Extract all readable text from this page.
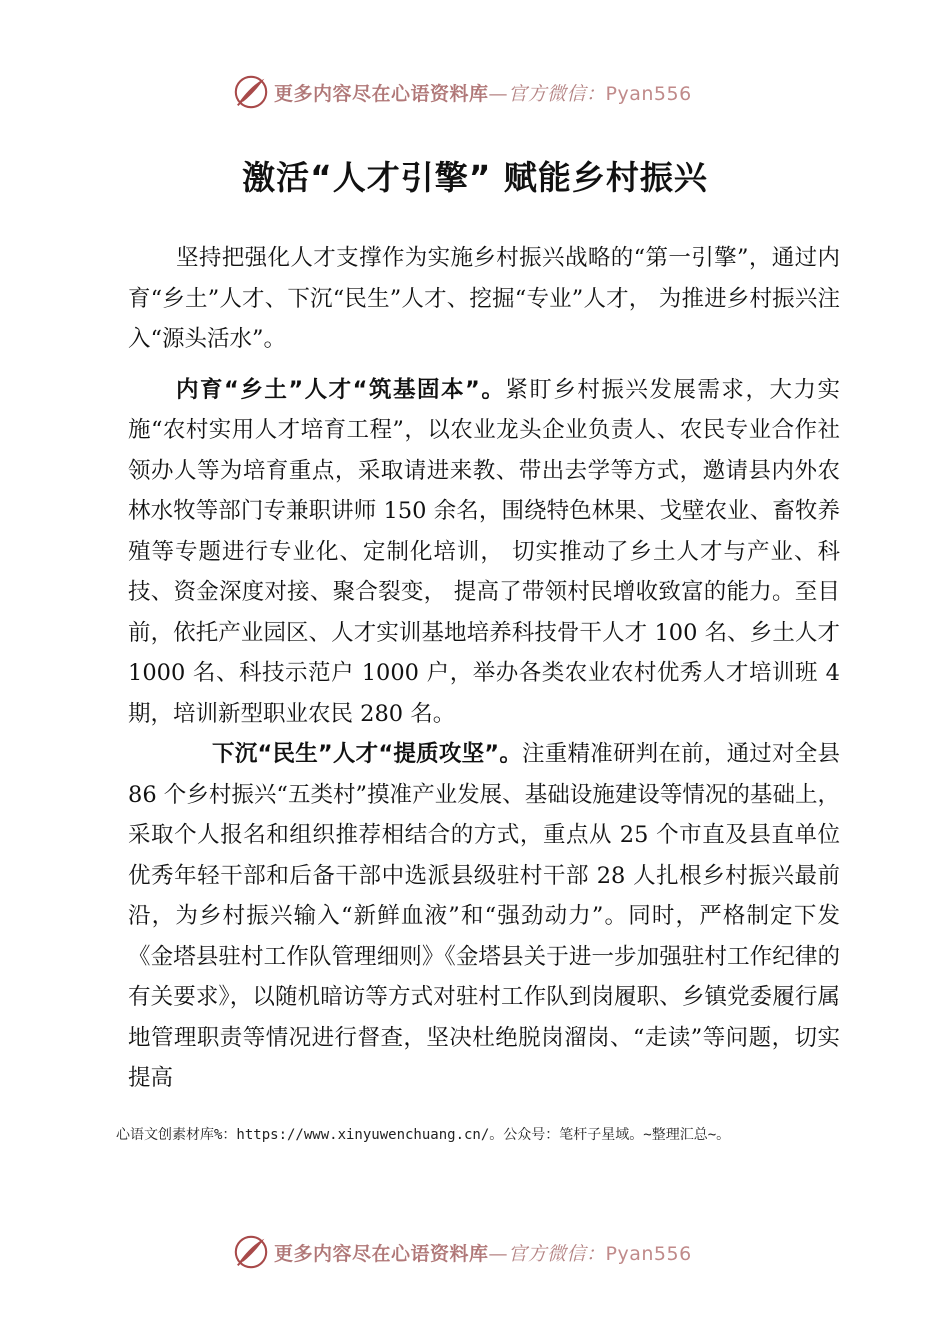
更多内容尽在心语资料库—官方微信：Pyan556
激活“人才引擎” 赋能乡村振兴

坚持把强化人才支撑作为实施乡村振兴战略的“第一引擎”，通过内育“乡土”人才、下沉“民生”人才、挖掘“专业”人才， 为推进乡村振兴注入“源头活水”。

内育“乡土”人才“筑基固本”。紧盯乡村振兴发展需求，大力实施“农村实用人才培育工程”，以农业龙头企业负责人、农民专业合作社领办人等为培育重点，采取请进来教、带出去学等方式，邀请县内外农林水牧等部门专兼职讲师 150 余名，围绕特色林果、戈壁农业、畜牧养殖等专题进行专业化、定制化培训， 切实推动了乡土人才与产业、科技、资金深度对接、聚合裂变， 提高了带领村民增收致富的能力。至目前，依托产业园区、人才实训基地培养科技骨干人才 100 名、乡土人才 1000 名、科技示范户 1000 户，举办各类农业农村优秀人才培训班 4 期，培训新型职业农民 280 名。

下沉“民生”人才“提质攻坚”。注重精准研判在前，通过对全县 86 个乡村振兴“五类村”摸准产业发展、基础设施建设等情况的基础上，采取个人报名和组织推荐相结合的方式，重点从 25 个市直及县直单位优秀年轻干部和后备干部中选派县级驻村干部 28 人扎根乡村振兴最前沿，为乡村振兴输入“新鲜血液”和“强劲动力”。同时，严格制定下发《金塔县驻村工作队管理细则》《金塔县关于进一步加强驻村工作纪律的有关要求》，以随机暗访等方式对驻村工作队到岗履职、乡镇党委履行属地管理职责等情况进行督查，坚决杜绝脱岗溜岗、“走读”等问题，切实提高

心语文创素材库%：https://www.xinyuwenchuang.cn/。公众号：笔杆子星域。~整理汇总~。
更多内容尽在心语资料库—官方微信：Pyan556
